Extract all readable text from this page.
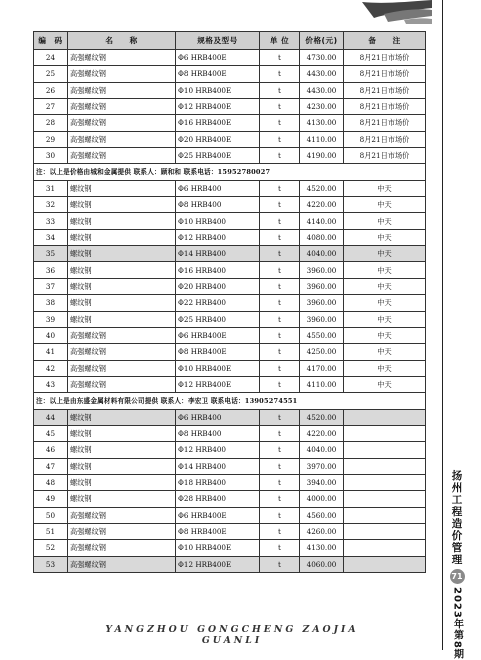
编　码	名　　称	规格及型号	单 位	价格(元)	备　　注
24	高强螺纹钢	Φ6 HRB400E	t	4730.00	8月21日市场价
25	高强螺纹钢	Φ8 HRB400E	t	4430.00	8月21日市场价
26	高强螺纹钢	Φ10 HRB400E	t	4430.00	8月21日市场价
27	高强螺纹钢	Φ12 HRB400E	t	4230.00	8月21日市场价
28	高强螺纹钢	Φ16 HRB400E	t	4130.00	8月21日市场价
29	高强螺纹钢	Φ20 HRB400E	t	4110.00	8月21日市场价
30	高强螺纹钢	Φ25 HRB400E	t	4190.00	8月21日市场价
注：以上是价格由城和金属提供 联系人：顾和和 联系电话：15952780027					
31	螺纹钢	Φ6 HRB400	t	4520.00	中天
32	螺纹钢	Φ8 HRB400	t	4220.00	中天
33	螺纹钢	Φ10 HRB400	t	4140.00	中天
34	螺纹钢	Φ12 HRB400	t	4080.00	中天
35	螺纹钢	Φ14 HRB400	t	4040.00	中天
36	螺纹钢	Φ16 HRB400	t	3960.00	中天
37	螺纹钢	Φ20 HRB400	t	3960.00	中天
38	螺纹钢	Φ22 HRB400	t	3960.00	中天
39	螺纹钢	Φ25 HRB400	t	3960.00	中天
40	高强螺纹钢	Φ6 HRB400E	t	4550.00	中天
41	高强螺纹钢	Φ8 HRB400E	t	4250.00	中天
42	高强螺纹钢	Φ10 HRB400E	t	4170.00	中天
43	高强螺纹钢	Φ12 HRB400E	t	4110.00	中天
注：以上是由东盛金属材料有限公司提供 联系人：李宏卫 联系电话：13905274551					
44	螺纹钢	Φ6 HRB400	t	4520.00	
45	螺纹钢	Φ8 HRB400	t	4220.00	
46	螺纹钢	Φ12 HRB400	t	4040.00	
47	螺纹钢	Φ14 HRB400	t	3970.00	
48	螺纹钢	Φ18 HRB400	t	3940.00	
49	螺纹钢	Φ28 HRB400	t	4000.00	
50	高强螺纹钢	Φ6 HRB400E	t	4560.00	
51	高强螺纹钢	Φ8 HRB400E	t	4260.00	
52	高强螺纹钢	Φ10 HRB400E	t	4130.00	
53	高强螺纹钢	Φ12 HRB400E	t	4060.00	
YANGZHOU GONGCHENG ZAOJIA GUANLI
扬州工程造价管理
71
2023年第8期
